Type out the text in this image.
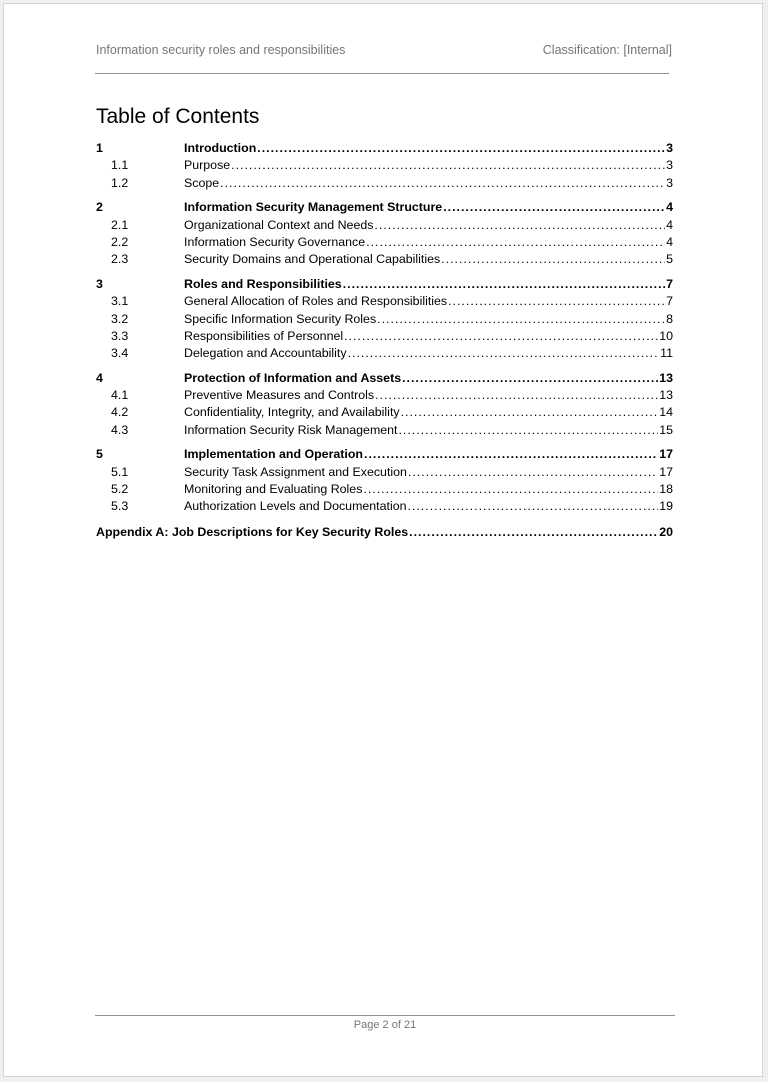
Information security roles and responsibilities	Classification: [Internal]
Table of Contents
1	Introduction .....	3
1.1	Purpose .....	3
1.2	Scope .....	3
2	Information Security Management Structure .....	4
2.1	Organizational Context and Needs .....	4
2.2	Information Security Governance .....	4
2.3	Security Domains and Operational Capabilities .....	5
3	Roles and Responsibilities .....	7
3.1	General Allocation of Roles and Responsibilities .....	7
3.2	Specific Information Security Roles .....	8
3.3	Responsibilities of Personnel .....	10
3.4	Delegation and Accountability .....	11
4	Protection of Information and Assets .....	13
4.1	Preventive Measures and Controls .....	13
4.2	Confidentiality, Integrity, and Availability .....	14
4.3	Information Security Risk Management .....	15
5	Implementation and Operation .....	17
5.1	Security Task Assignment and Execution .....	17
5.2	Monitoring and Evaluating Roles .....	18
5.3	Authorization Levels and Documentation .....	19
Appendix A: Job Descriptions for Key Security Roles .....	20
Page 2 of 21
